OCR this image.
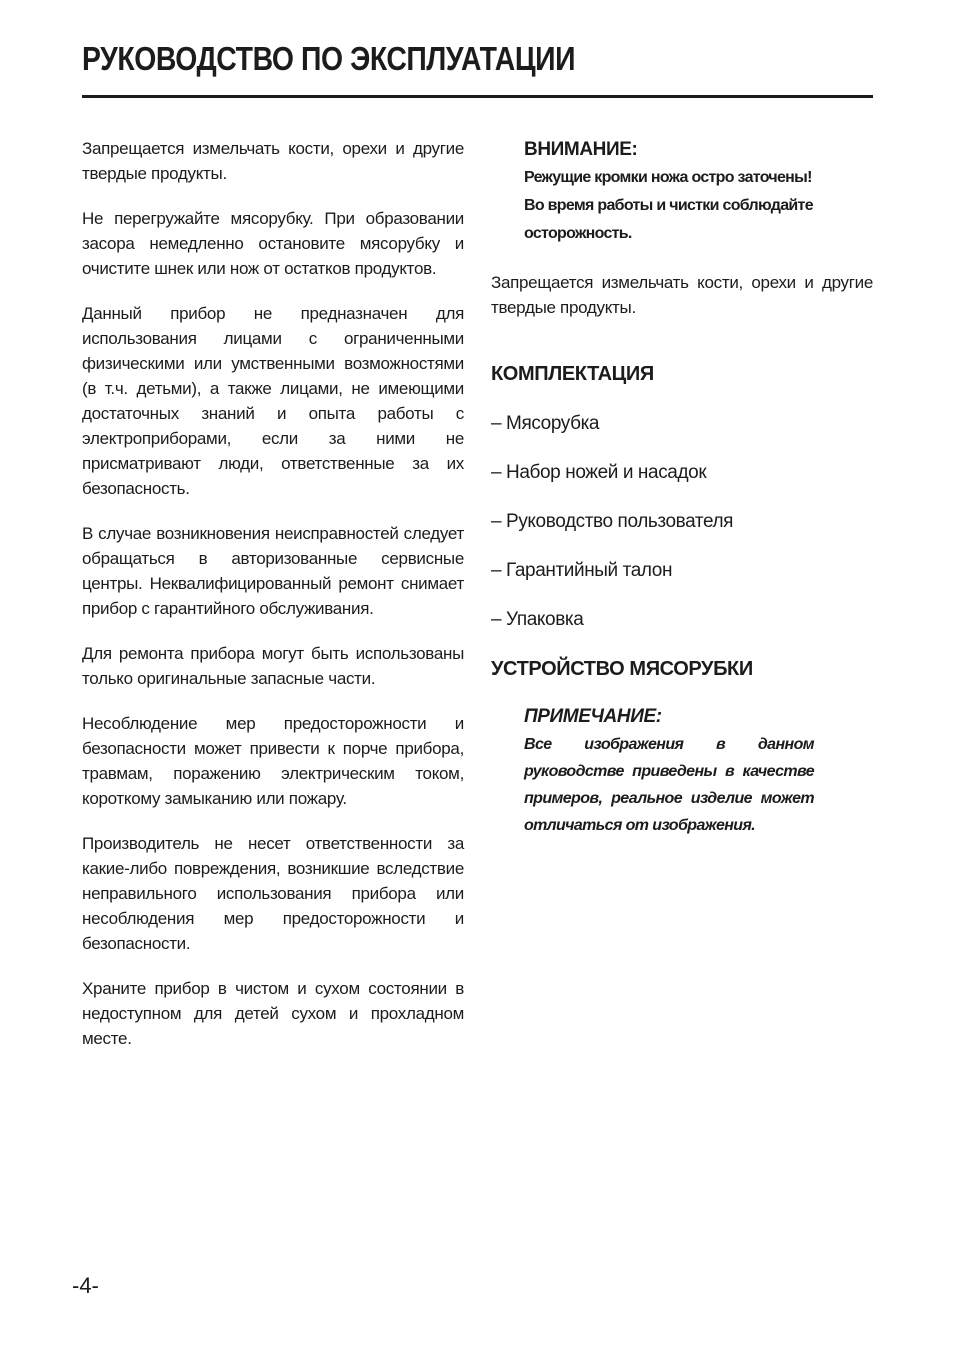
РУКОВОДСТВО ПО ЭКСПЛУАТАЦИИ

Запрещается измельчать кости, орехи и другие твердые продукты.

Не перегружайте мясорубку. При образовании засора немедленно остановите мясорубку и очистите шнек или нож от остатков продуктов.

Данный прибор не предназначен для использования лицами с ограниченными физическими или умственными возможностями (в т.ч. детьми), а также лицами, не имеющими достаточных знаний и опыта работы с электроприборами, если за ними не присматривают люди, ответственные за их безопасность.

В случае возникновения неисправностей следует обращаться в авторизованные сервисные центры. Неквалифицированный ремонт снимает прибор с гарантийного обслуживания.

Для ремонта прибора могут быть использованы только оригинальные запасные части.

Несоблюдение мер предосторожности и безопасности может привести к порче прибора, травмам, поражению электрическим током, короткому замыканию или пожару.

Производитель не несет ответственности за какие-либо повреждения, возникшие вследствие неправильного использования прибора или несоблюдения мер предосторожности и безопасности.

Храните прибор в чистом и сухом состоянии в недоступном для детей сухом и прохладном месте.

ВНИМАНИЕ:

Режущие кромки ножа остро заточены! Во время работы и чистки соблюдайте осторожность.

Запрещается измельчать кости, орехи и другие твердые продукты.

КОМПЛЕКТАЦИЯ
– Мясорубка
– Набор ножей и насадок
– Руководство пользователя
– Гарантийный талон
– Упаковка
УСТРОЙСТВО МЯСОРУБКИ

ПРИМЕЧАНИЕ:

Все изображения в данном руководстве приведены в качестве примеров, реальное изделие может отличаться от изображения.

-4-
